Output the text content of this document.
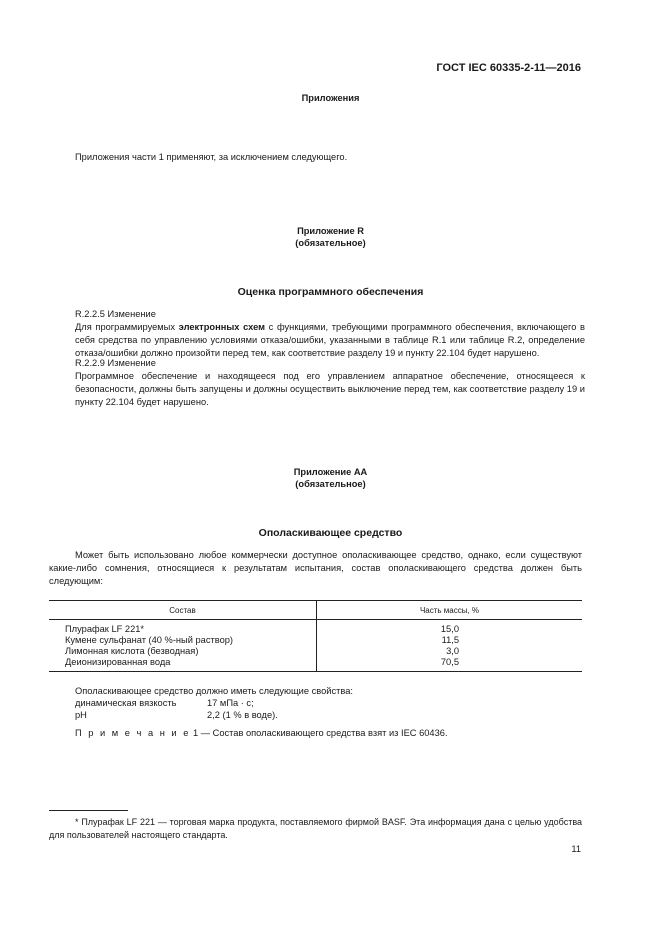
ГОСТ IEC 60335-2-11—2016
Приложения
Приложения части 1 применяют, за исключением следующего.
Приложение R
(обязательное)
Оценка программного обеспечения
R.2.2.5 Изменение
Для программируемых электронных схем с функциями, требующими программного обеспечения, включающего в себя средства по управлению условиями отказа/ошибки, указанными в таблице R.1 или таблице R.2, определение отказа/ошибки должно произойти перед тем, как соответствие разделу 19 и пункту 22.104 будет нарушено.
R.2.2.9 Изменение
Программное обеспечение и находящееся под его управлением аппаратное обеспечение, относящееся к безопасности, должны быть запущены и должны осуществить выключение перед тем, как соответствие разделу 19 и пункту 22.104 будет нарушено.
Приложение АА
(обязательное)
Ополаскивающее средство
Может быть использовано любое коммерчески доступное ополаскивающее средство, однако, если существуют какие-либо сомнения, относящиеся к результатам испытания, состав ополаскивающего средства должен быть следующим:
Состав	Часть массы, %
Плурафак LF 221*	15,0
Кумене сульфанат (40 %-ный раствор)	11,5
Лимонная кислота (безводная)	3,0
Деионизированная вода	70,5
Ополаскивающее средство должно иметь следующие свойства:
динамическая вязкость	17 мПа · с;
pH	2,2 (1 % в воде).
П р и м е ч а н и е 1 — Состав ополаскивающего средства взят из IEC 60436.
* Плурафак LF 221 — торговая марка продукта, поставляемого фирмой BASF. Эта информация дана с целью удобства для пользователей настоящего стандарта.
11
